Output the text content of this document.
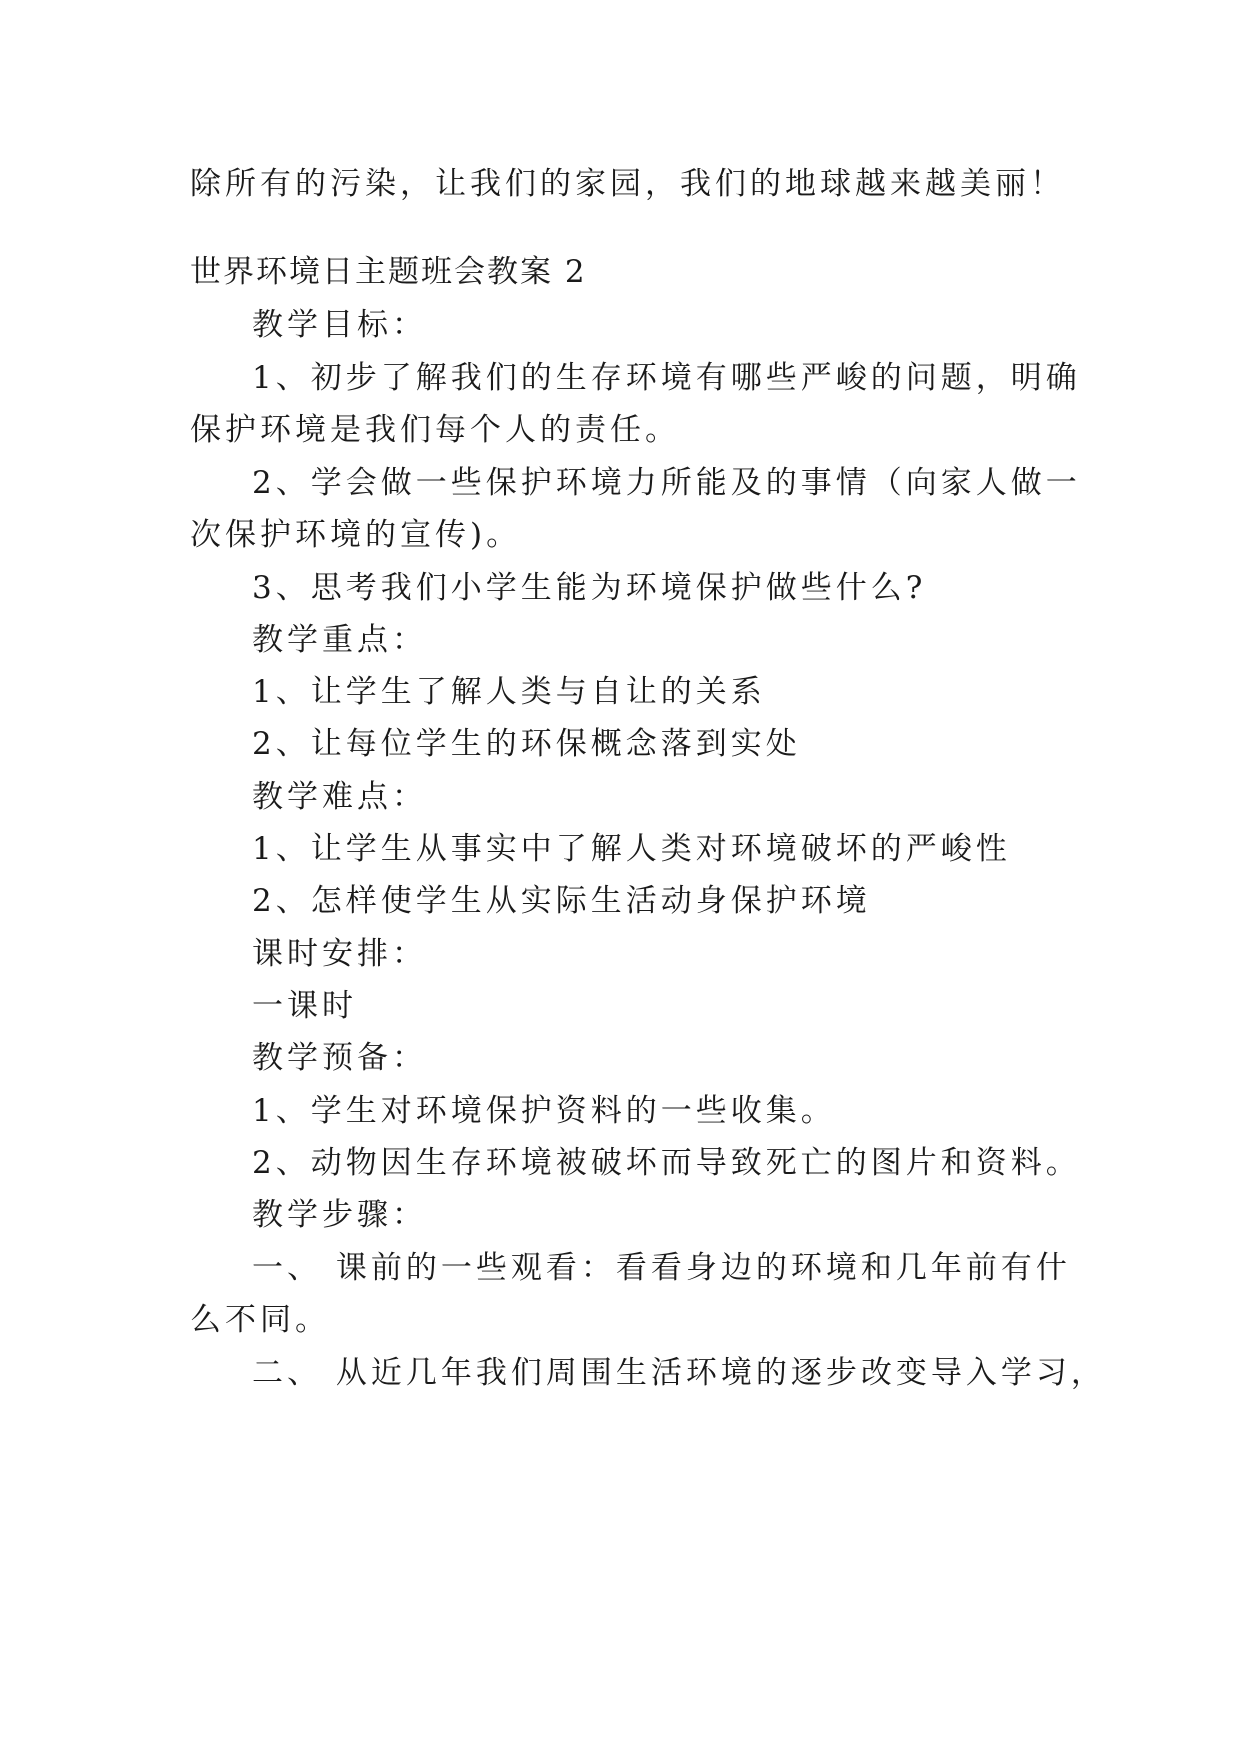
除所有的污染，让我们的家园，我们的地球越来越美丽！
世界环境日主题班会教案 2
教学目标：
1、初步了解我们的生存环境有哪些严峻的问题，明确
保护环境是我们每个人的责任。
2、学会做一些保护环境力所能及的事情（向家人做一
次保护环境的宣传)。
3、思考我们小学生能为环境保护做些什么?
教学重点：
1、让学生了解人类与自让的关系
2、让每位学生的环保概念落到实处
教学难点：
1、让学生从事实中了解人类对环境破坏的严峻性
2、怎样使学生从实际生活动身保护环境
课时安排：
一课时
教学预备：
1、学生对环境保护资料的一些收集。
2、动物因生存环境被破坏而导致死亡的图片和资料。
教学步骤：
一、 课前的一些观看：看看身边的环境和几年前有什
么不同。
二、 从近几年我们周围生活环境的逐步改变导入学习，
